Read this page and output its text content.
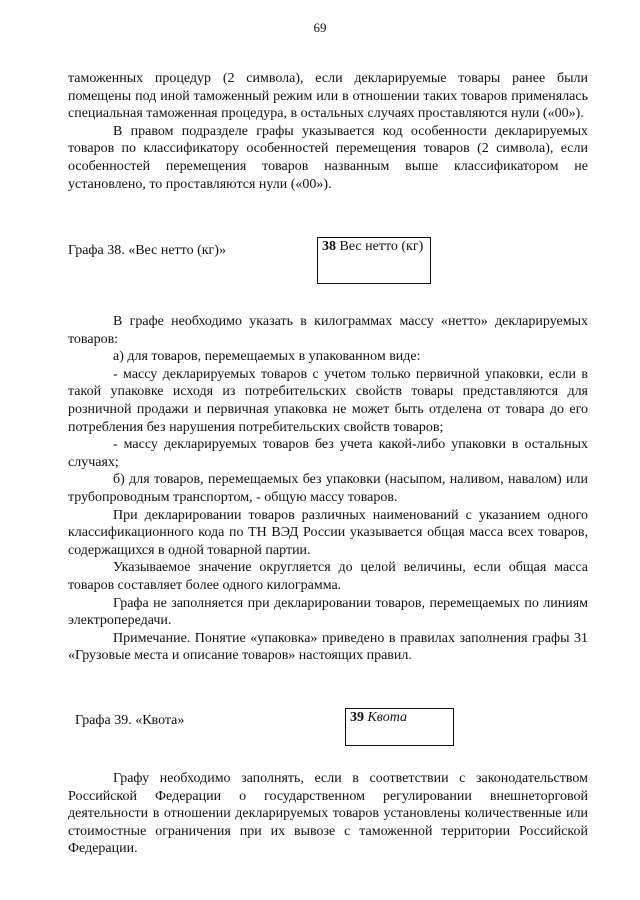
69

таможенных процедур (2 символа), если декларируемые товары ранее были помещены под иной таможенный режим или в отношении таких товаров применялась специальная таможенная процедура, в остальных случаях проставляются нули («00»).

В правом подразделе графы указывается код особенности декларируемых товаров по классификатору особенностей перемещения товаров (2 символа), если особенностей перемещения товаров названным выше классификатором не установлено, то проставляются нули («00»).

Графа 38. «Вес нетто (кг)»	38 Вес нетто (кг)

В графе необходимо указать в килограммах массу «нетто» декларируемых товаров:

а) для товаров, перемещаемых в упакованном виде:

- массу декларируемых товаров с учетом только первичной упаковки, если в такой упаковке исходя из потребительских свойств товары представляются для розничной продажи и первичная упаковка не может быть отделена от товара до его потребления без нарушения потребительских свойств товаров;

- массу декларируемых товаров без учета какой-либо упаковки в остальных случаях;

б) для товаров, перемещаемых без упаковки (насыпом, наливом, навалом) или трубопроводным транспортом, - общую массу товаров.

При декларировании товаров различных наименований с указанием одного классификационного кода по ТН ВЭД России указывается общая масса всех товаров, содержащихся в одной товарной партии.

Указываемое значение округляется до целой величины, если общая масса товаров составляет более одного килограмма.

Графа не заполняется при декларировании товаров, перемещаемых по линиям электропередачи.

Примечание. Понятие «упаковка» приведено в правилах заполнения графы 31 «Грузовые места и описание товаров» настоящих правил.

Графа 39. «Квота»	39 Квота

Графу необходимо заполнять, если в соответствии с законодательством Российской Федерации о государственном регулировании внешнеторговой деятельности в отношении декларируемых товаров установлены количественные или стоимостные ограничения при их вывозе с таможенной территории Российской Федерации.
